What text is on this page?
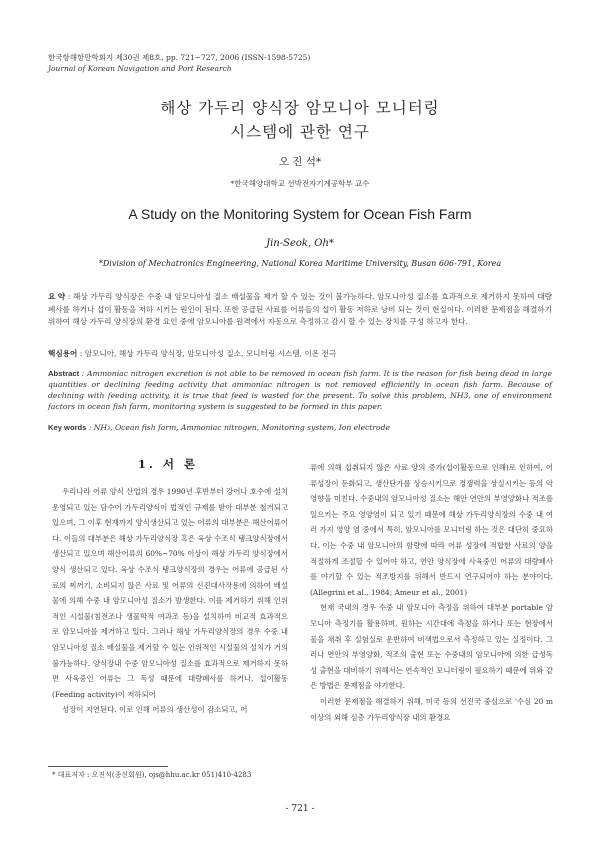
한국항해항만학회지 제30권 제8호, pp. 721~727, 2006 (ISSN-1598-5725)
Journal of Korean Navigation and Port Research
해상 가두리 양식장 암모니아 모니터링
시스템에 관한 연구
오 진 석*
*한국해양대학교 선박전자기계공학부 교수
A Study on the Monitoring System for Ocean Fish Farm
Jin-Seok, Oh*
*Division of Mechatronics Engineering, National Korea Maritime University, Busan 606-791, Korea
요 약 : 해상 가두리 양식장은 수중 내 암모니아성 질소 배설물을 제거 할 수 있는 것이 불가능하다. 암모니아성 질소를 효과적으로 제거하지 못하여 대량 폐사를 하거나 섭이 활동을 저하 시키는 원인이 된다. 또한 공급된 사료를 어류들의 섭이 활동 저하로 낭비 되는 것이 현실이다. 이러한 문제점을 해결하기 위하여 해상 가두리 양식장의 환경 요인 중에 암모니아를 원격에서 자동으로 측정하고 감시 할 수 있는 장치를 구성 하고자 한다.
핵심용어 : 암모니아, 해상 가두리 양식장, 암모니아성 질소, 모니터링 시스템, 이온 전극
Abstract : Ammoniac nitrogen excretion is not able to be removed in ocean fish farm. It is the reason for fish being dead in large quantities or declining feeding activity that ammoniac nitrogen is not removed efficiently in ocean fish farm. Because of declining with feeding activity, it is true that feed is wasted for the present. To solve this problem, NH3, one of environment factors in ocean fish farm, monitoring system is suggested to be formed in this paper.
Key words : NH₃, Ocean fish farm, Ammoniac nitrogen, Monitoring system, Ion electrode
1. 서 론

우리나라 어류 양식 산업의 경우 1990년 후반부터 강어나 호수에 설치 운영되고 있는 담수어 가두리양식이 법적인 규제를 받아 대부분 철거되고 있으며, 그 이후 현재까지 양식생산되고 있는 어류의 대부분은 해산어류이다. 이들의 대부분은 해상 가두리양식장 혹은 육상 수조식 탱크양식장에서 생산되고 있으며 해산어류의 60%~70% 이상이 해상 가두리 양식장에서 양식 생산되고 있다. 육상 수조식 탱크양식장의 경우는 어류에 공급된 사료의 찌꺼기, 소비되지 않은 사료 및 어류의 신진대사작용에 의하여 배설물에 의해 수중 내 암모니아성 질소가 발생한다. 이를 제거하기 위해 인위적인 시설물(침전조나 생물학적 여과조 등)을 설치하여 비교적 효과적으로 암모니아를 제거하고 있다. 그러나 해상 가두리양식장의 경우 수중 내 암모니아성 질소 배설물을 제거할 수 있는 인위적인 시설물의 설치가 거의 불가능하다. 양식장내 수중 암모니아성 질소를 효과적으로 제거하지 못하면 사육중인 어류는 그 독성 때문에 대량폐사를 하거나, 섭이활동(Feeding activity)이 저하되어

성장이 지연된다. 이로 인해 어류의 생산성이 감소되고, 어

류에 의해 섭취되지 않은 사료 양의 증가(섭이활동으로 인해)로 인하여, 어류성장이 둔화되고, 생산단가를 상승시키므로 경쟁력을 상실시키는 등의 악영향을 미친다. 수중내의 암모니아성 질소는 해안 연안의 부영양화나 적조를 일으키는 주요 영양염이 되고 있기 때문에 해상 가두리양식장의 수중 내 여러 가지 영양 염 중에서 특히, 암모니아를 모니터링 하는 것은 대단히 중요하다. 이는 수중 내 암모니아의 함량에 따라 어류 성장에 적합한 사료의 양을 적절하게 조절할 수 있어야 하고, 연안 양식장에 사육중인 어류의 대량폐사를 야기할 수 있는 적조방지를 위해서 반드시 연구되어야 하는 분야이다.(Allegrini et al., 1984; Ameur et al., 2001)

현재 국내의 경우 수중 내 암모니아 측정을 위하여 대부분 portable 암모니아 측정기를 활용하며, 원하는 시간대에 측정을 하거나 또는 현장에서 물을 채취 후 실험실로 운반하여 비색법으로서 측정하고 있는 실정이다. 그러나 연안의 부영양화, 적조의 출현 또는 수중내의 암모니아에 의한 급성독성 출현을 대비하기 위해서는 연속적인 모니터링이 필요하기 때문에 위와 같은 방법은 문제점을 야기한다.

이러한 문제점을 해결하기 위해, 미국 등의 선진국 중심으로 '수심 20 m 이상의 외해 심층 가두리양식장 내의 환경요

* 대표저자 : 오진석(종신회원), ojs@hhu.ac.kr 051)410-4283
- 721 -
